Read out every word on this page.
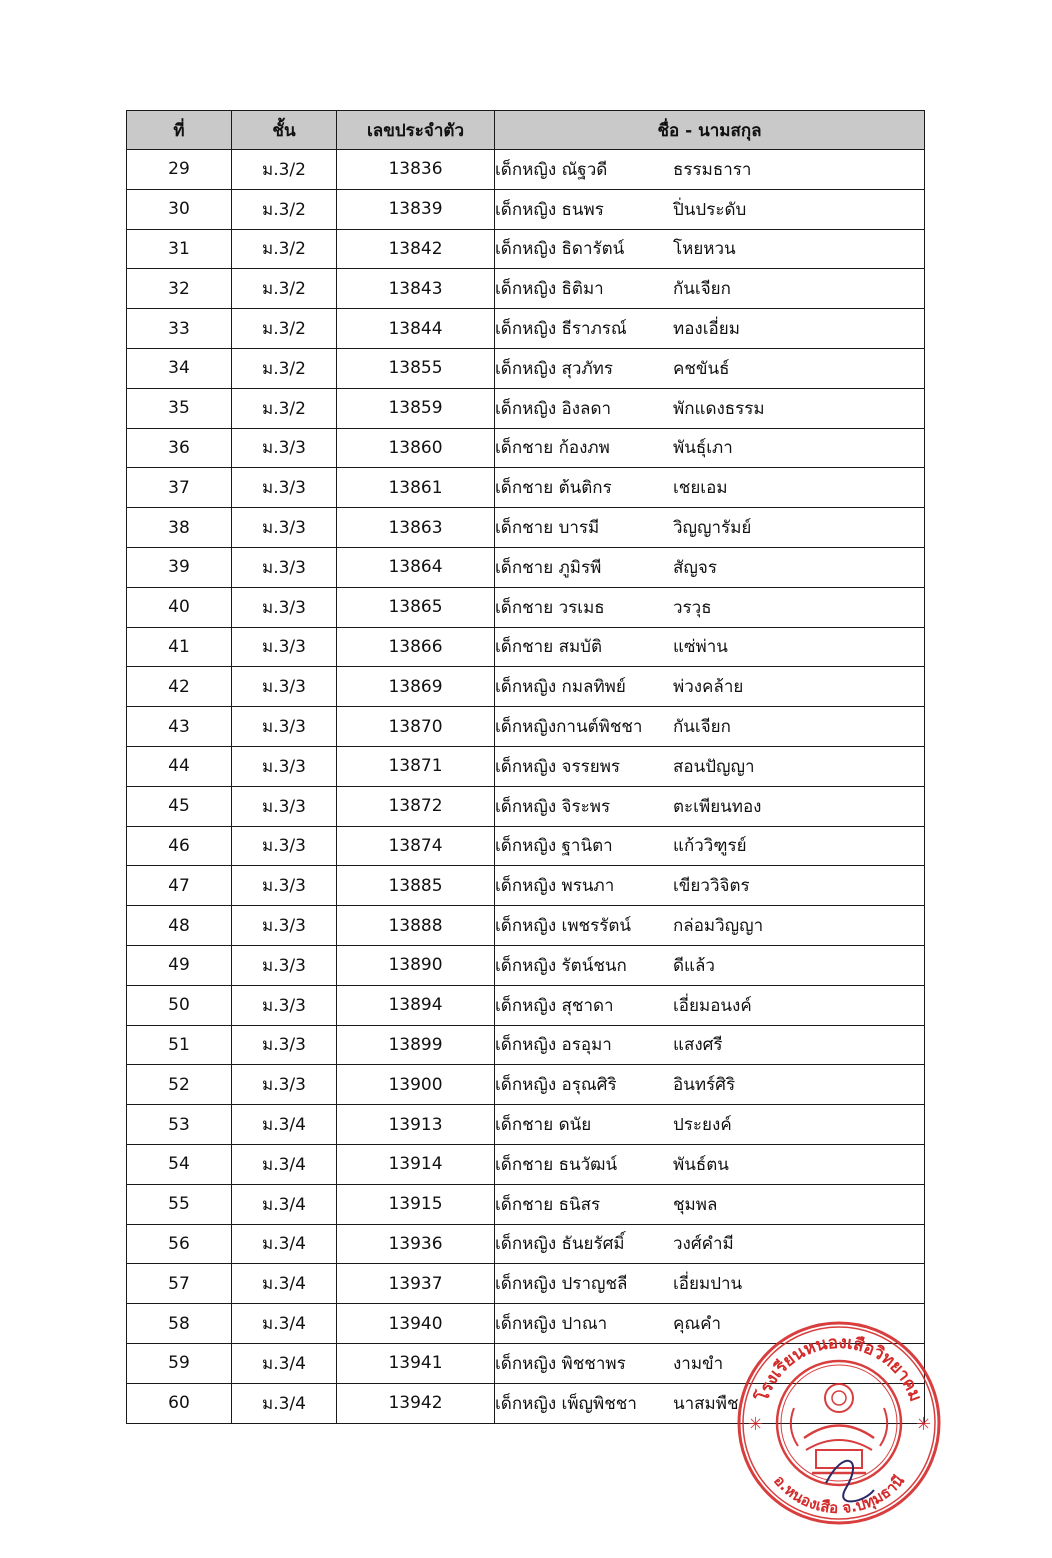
ที่	ชั้น	เลขประจำตัว	ชื่อ - นามสกุล
29	ม.3/2	13836	เด็กหญิง ณัฐวดี ธรรมธารา
30	ม.3/2	13839	เด็กหญิง ธนพร ปิ่นประดับ
31	ม.3/2	13842	เด็กหญิง ธิดารัตน์ โหยหวน
32	ม.3/2	13843	เด็กหญิง ธิติมา กันเจียก
33	ม.3/2	13844	เด็กหญิง ธีราภรณ์ ทองเอี่ยม
34	ม.3/2	13855	เด็กหญิง สุวภัทร คชขันธ์
35	ม.3/2	13859	เด็กหญิง อิงลดา พักแดงธรรม
36	ม.3/3	13860	เด็กชาย ก้องภพ พันธุ์เภา
37	ม.3/3	13861	เด็กชาย ต้นติกร เชยเอม
38	ม.3/3	13863	เด็กชาย บารมี วิญญารัมย์
39	ม.3/3	13864	เด็กชาย ภูมิรพี สัญจร
40	ม.3/3	13865	เด็กชาย วรเมธ วรวุธ
41	ม.3/3	13866	เด็กชาย สมบัติ แซ่พ่าน
42	ม.3/3	13869	เด็กหญิง กมลทิพย์ พ่วงคล้าย
43	ม.3/3	13870	เด็กหญิงกานต์พิชชา กันเจียก
44	ม.3/3	13871	เด็กหญิง จรรยพร สอนปัญญา
45	ม.3/3	13872	เด็กหญิง จิระพร ตะเพียนทอง
46	ม.3/3	13874	เด็กหญิง ฐานิตา แก้ววิฑูรย์
47	ม.3/3	13885	เด็กหญิง พรนภา เขียววิจิตร
48	ม.3/3	13888	เด็กหญิง เพชรรัตน์ กล่อมวิญญา
49	ม.3/3	13890	เด็กหญิง รัตน์ชนก ดีแล้ว
50	ม.3/3	13894	เด็กหญิง สุชาดา เอี่ยมอนงค์
51	ม.3/3	13899	เด็กหญิง อรอุมา แสงศรี
52	ม.3/3	13900	เด็กหญิง อรุณศิริ อินทร์ศิริ
53	ม.3/4	13913	เด็กชาย ดนัย ประยงค์
54	ม.3/4	13914	เด็กชาย ธนวัฒน์ พันธ์ตน
55	ม.3/4	13915	เด็กชาย ธนิสร ชุมพล
56	ม.3/4	13936	เด็กหญิง ธันยรัศมิ์ วงศ์คำมี
57	ม.3/4	13937	เด็กหญิง ปราญชลี เอี่ยมปาน
58	ม.3/4	13940	เด็กหญิง ปาณา คุณคำ
59	ม.3/4	13941	เด็กหญิง พิชชาพร งามขำ
60	ม.3/4	13942	เด็กหญิง เพ็ญพิชชา นาสมพืช
✳	✳
โรงเรียนหนองเสือวิทยาคม
อ.หนองเสือ จ.ปทุมธานี
